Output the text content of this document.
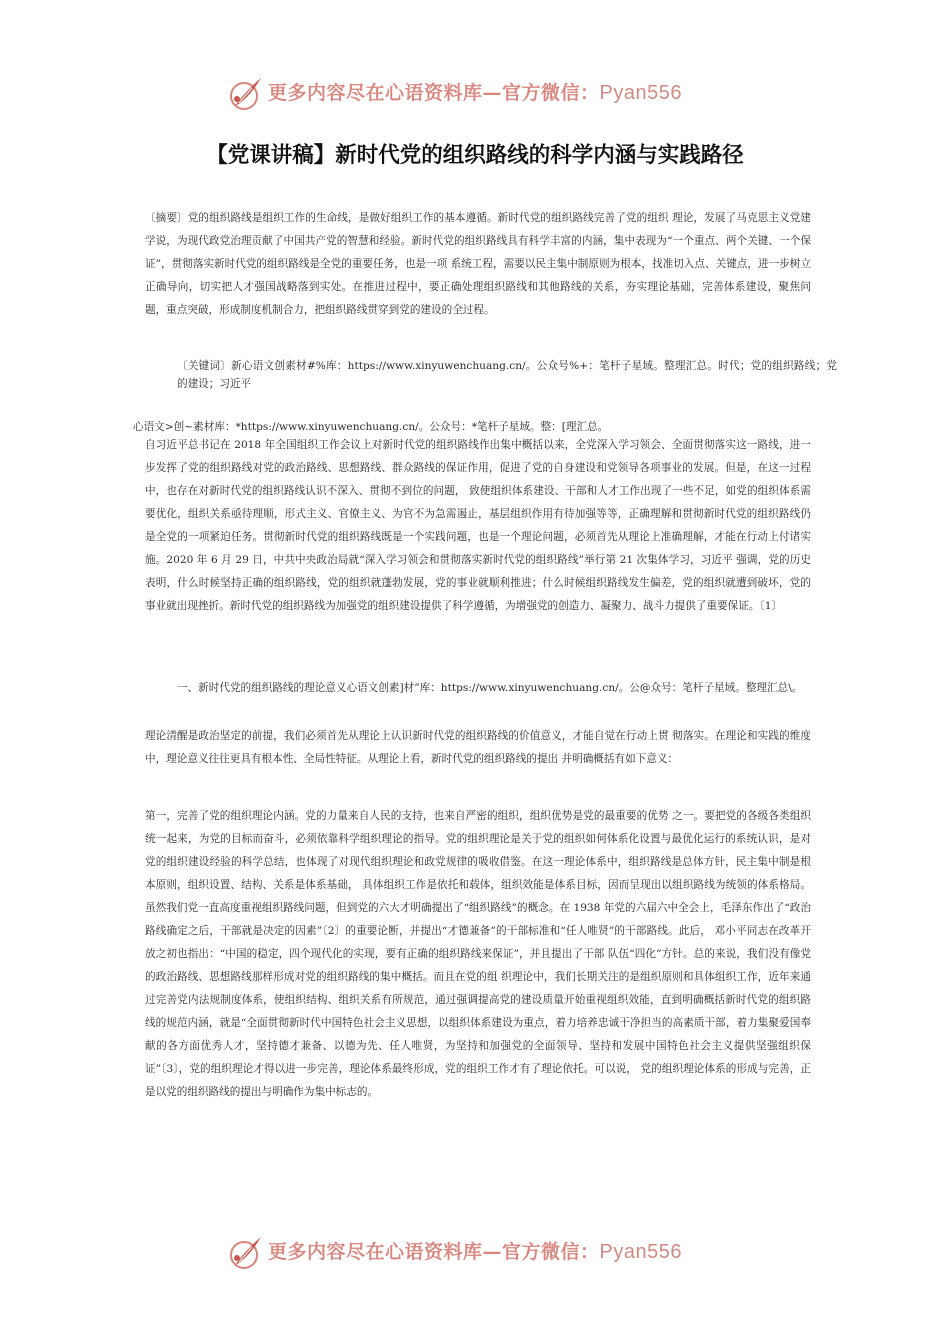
更多内容尽在心语资料库—官方微信：Pyan556
【党课讲稿】新时代党的组织路线的科学内涵与实践路径

〔摘要〕党的组织路线是组织工作的生命线，是做好组织工作的基本遵循。新时代党的组织路线完善了党的组织 理论，发展了马克思主义党建学说，为现代政党治理贡献了中国共产党的智慧和经验。新时代党的组织路线具有科学丰富的内涵，集中表现为“一个重点、两个关键、一个保证”，贯彻落实新时代党的组织路线是全党的重要任务，也是一项 系统工程，需要以民主集中制原则为根本，找准切入点、关键点，进一步树立正确导向，切实把人才强国战略落到实处。在推进过程中，要正确处理组织路线和其他路线的关系，夯实理论基础，完善体系建设，聚焦问题，重点突破，形成制度机制合力，把组织路线贯穿到党的建设的全过程。

〔关键词〕新心语文创素材#%库：https://www.xinyuwenchuang.cn/。公众号%+：笔杆子星域。整理汇总。时代；党的组织路线；党的建设；习近平

心语文>创~素材库：*https://www.xinyuwenchuang.cn/。公众号：*笔杆子星域。整：[理汇总。

自习近平总书记在 2018 年全国组织工作会议上对新时代党的组织路线作出集中概括以来，全党深入学习领会、全面贯彻落实这一路线，进一步发挥了党的组织路线对党的政治路线、思想路线、群众路线的保证作用，促进了党的自身建设和党领导各项事业的发展。但是，在这一过程中，也存在对新时代党的组织路线认识不深入、贯彻不到位的问题， 致使组织体系建设、干部和人才工作出现了一些不足，如党的组织体系需要优化，组织关系亟待理顺，形式主义、官僚主义、为官不为急需遏止，基层组织作用有待加强等等，正确理解和贯彻新时代党的组织路线仍是全党的一项紧迫任务。贯彻新时代党的组织路线既是一个实践问题，也是一个理论问题，必须首先从理论上准确理解，才能在行动上付诸实施。2020 年 6 月 29 日，中共中央政治局就“深入学习领会和贯彻落实新时代党的组织路线”举行第 21 次集体学习，习近平 强调，党的历史表明，什么时候坚持正确的组织路线，党的组织就蓬勃发展，党的事业就顺利推进；什么时候组织路线发生偏差，党的组织就遭到破坏，党的事业就出现挫折。新时代党的组织路线为加强党的组织建设提供了科学遵循，为增强党的创造力、凝聚力、战斗力提供了重要保证。〔1〕

一、新时代党的组织路线的理论意义心语文创素]材”库：https://www.xinyuwenchuang.cn/。公@众号：笔杆子星域。整理汇总\。

理论清醒是政治坚定的前提，我们必须首先从理论上认识新时代党的组织路线的价值意义，才能自觉在行动上贯 彻落实。在理论和实践的维度中，理论意义往往更具有根本性、全局性特征。从理论上看，新时代党的组织路线的提出 并明确概括有如下意义：

第一，完善了党的组织理论内涵。党的力量来自人民的支持，也来自严密的组织，组织优势是党的最重要的优势 之一。要把党的各级各类组织统一起来，为党的目标而奋斗，必须依靠科学组织理论的指导。党的组织理论是关于党的组织如何体系化设置与最优化运行的系统认识，是对党的组织建设经验的科学总结，也体现了对现代组织理论和政党规律的吸收借鉴。在这一理论体系中，组织路线是总体方针，民主集中制是根本原则，组织设置、结构、关系是体系基础， 具体组织工作是依托和载体，组织效能是体系目标，因而呈现出以组织路线为统领的体系格局。虽然我们党一直高度重视组织路线问题，但到党的六大才明确提出了“组织路线”的概念。在 1938 年党的六届六中全会上，毛泽东作出了“政治路线确定之后，干部就是决定的因素”〔2〕的重要论断，并提出“才德兼备”的干部标准和“任人唯贤”的干部路线。此后， 邓小平同志在改革开放之初也指出：“中国的稳定，四个现代化的实现，要有正确的组织路线来保证”，并且提出了干部 队伍“四化”方针。总的来说，我们没有像党的政治路线、思想路线那样形成对党的组织路线的集中概括。而且在党的组 织理论中，我们长期关注的是组织原则和具体组织工作，近年来通过完善党内法规制度体系，使组织结构、组织关系有所规范，通过强调提高党的建设质量开始重视组织效能，直到明确概括新时代党的组织路线的规范内涵，就是“全面贯彻新时代中国特色社会主义思想，以组织体系建设为重点，着力培养忠诚干净担当的高素质干部，着力集聚爱国奉献的各方面优秀人才，坚持德才兼备、以德为先、任人唯贤，为坚持和加强党的全面领导、坚持和发展中国特色社会主义提供坚强组织保证”〔3〕，党的组织理论才得以进一步完善，理论体系最终形成，党的组织工作才有了理论依托。可以说， 党的组织理论体系的形成与完善，正是以党的组织路线的提出与明确作为集中标志的。

更多内容尽在心语资料库—官方微信：Pyan556
